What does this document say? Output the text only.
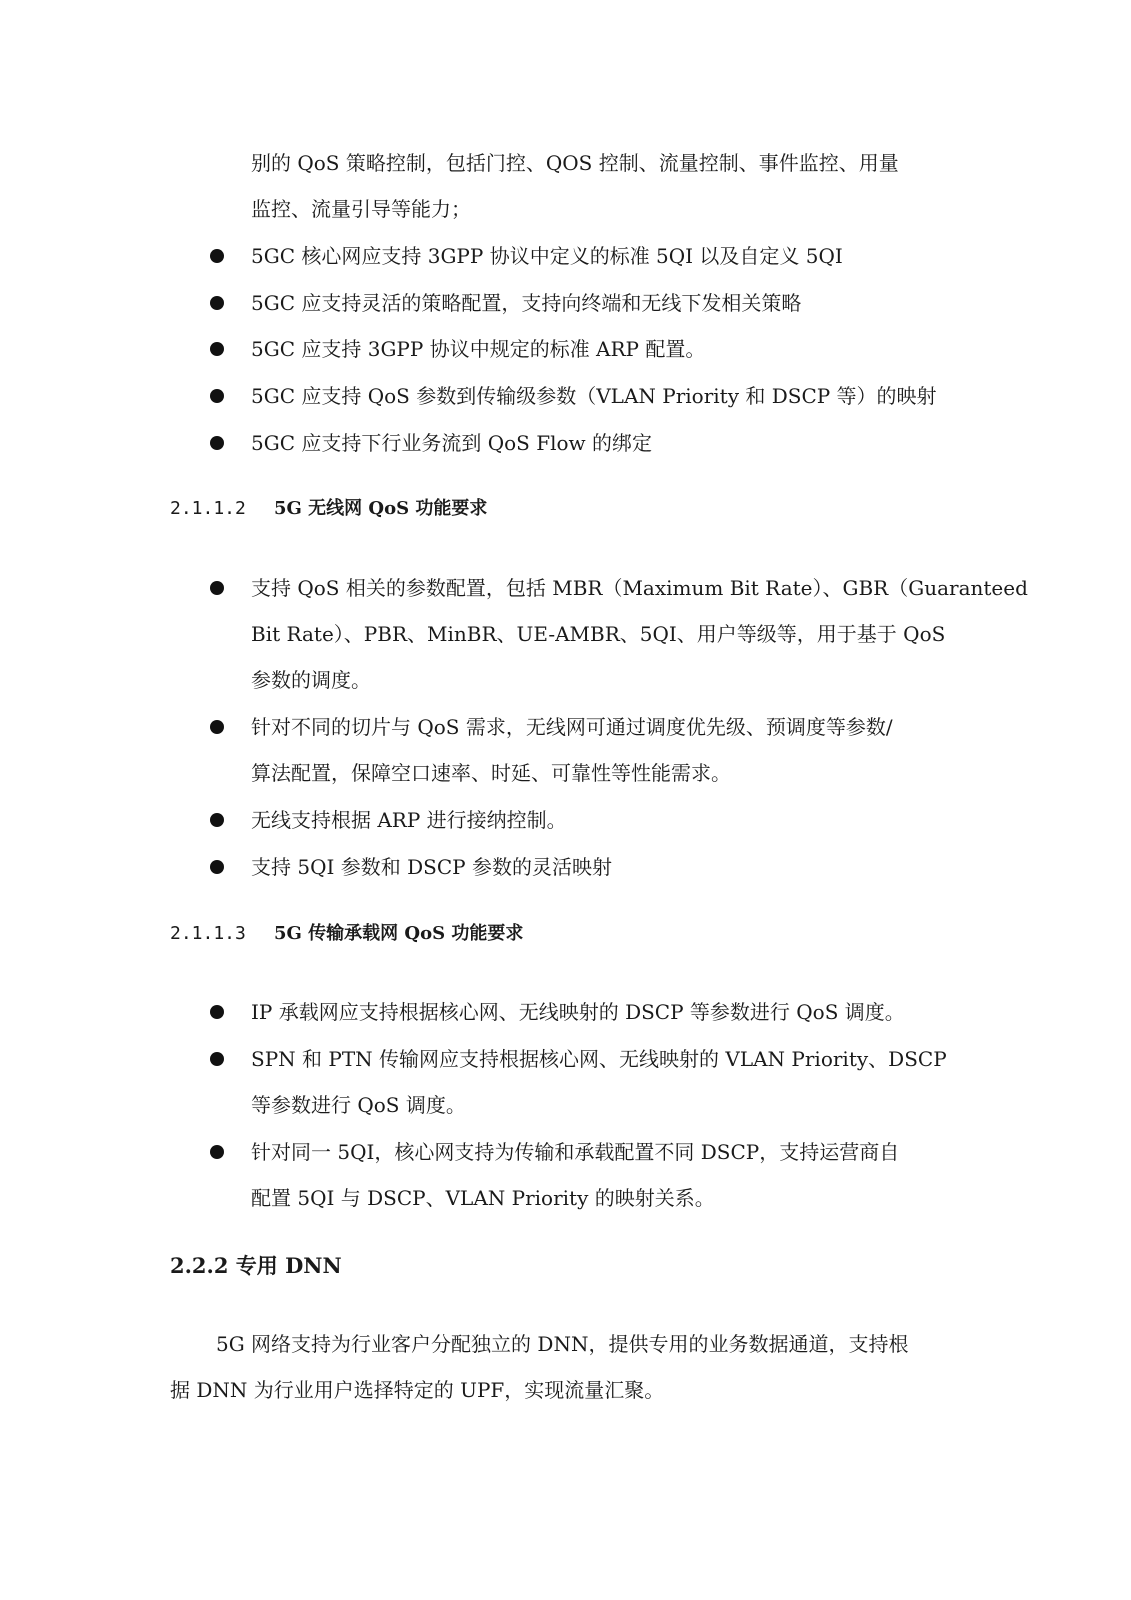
别的 QoS 策略控制，包括门控、QOS 控制、流量控制、事件监控、用量

监控、流量引导等能力；

5GC 核心网应支持 3GPP 协议中定义的标准 5QI 以及自定义 5QI
5GC 应支持灵活的策略配置，支持向终端和无线下发相关策略
5GC 应支持 3GPP 协议中规定的标准 ARP 配置。
5GC 应支持 QoS 参数到传输级参数（VLAN Priority 和 DSCP 等）的映射
5GC 应支持下行业务流到 QoS Flow 的绑定
2.1.1.2 5G 无线网 QoS 功能要求
支持 QoS 相关的参数配置，包括 MBR（Maximum Bit Rate）、GBR（Guaranteed
Bit Rate）、PBR、MinBR、UE-AMBR、5QI、用户等级等，用于基于 QoS
参数的调度。
针对不同的切片与 QoS 需求，无线网可通过调度优先级、预调度等参数/
算法配置，保障空口速率、时延、可靠性等性能需求。
无线支持根据 ARP 进行接纳控制。
支持 5QI 参数和 DSCP 参数的灵活映射
2.1.1.3 5G 传输承载网 QoS 功能要求
IP 承载网应支持根据核心网、无线映射的 DSCP 等参数进行 QoS 调度。
SPN 和 PTN 传输网应支持根据核心网、无线映射的 VLAN Priority、DSCP
等参数进行 QoS 调度。
针对同一 5QI，核心网支持为传输和承载配置不同 DSCP，支持运营商自
配置 5QI 与 DSCP、VLAN Priority 的映射关系。
2.2.2 专用 DNN
5G 网络支持为行业客户分配独立的 DNN，提供专用的业务数据通道，支持根
据 DNN 为行业用户选择特定的 UPF，实现流量汇聚。
